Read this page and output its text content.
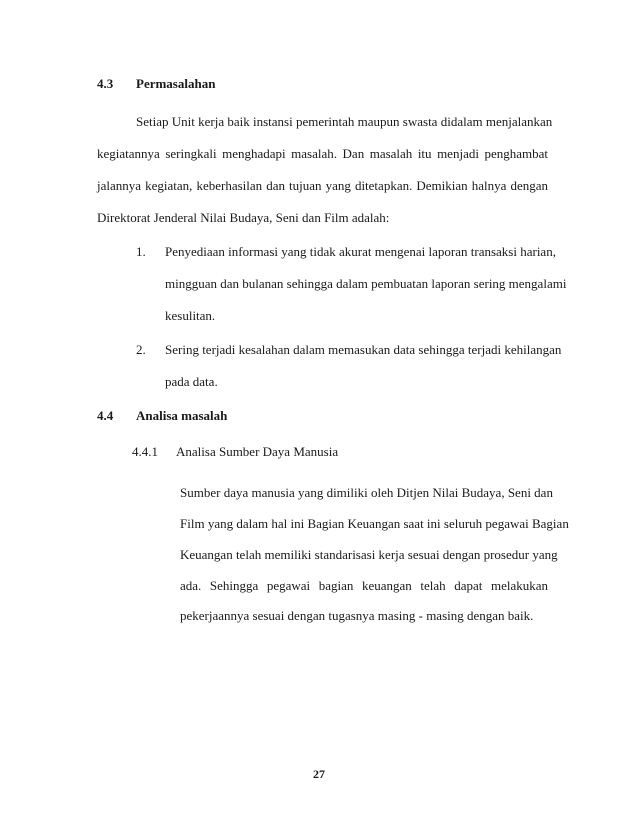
4.3 Permasalahan

Setiap Unit kerja baik instansi pemerintah maupun swasta didalam menjalankan

kegiatannya seringkali menghadapi masalah. Dan masalah itu menjadi penghambat

jalannya kegiatan, keberhasilan dan tujuan yang ditetapkan. Demikian halnya dengan

Direktorat Jenderal Nilai Budaya, Seni dan Film adalah:

1. Penyediaan informasi yang tidak akurat mengenai laporan transaksi harian,

mingguan dan bulanan sehingga dalam pembuatan laporan sering mengalami

kesulitan.

2. Sering terjadi kesalahan dalam memasukan data sehingga terjadi kehilangan

pada data.

4.4 Analisa masalah
4.4.1 Analisa Sumber Daya Manusia

Sumber daya manusia yang dimiliki oleh Ditjen Nilai Budaya, Seni dan

Film yang dalam hal ini Bagian Keuangan saat ini seluruh pegawai Bagian

Keuangan telah memiliki standarisasi kerja sesuai dengan prosedur yang

ada. Sehingga pegawai bagian keuangan telah dapat melakukan

pekerjaannya sesuai dengan tugasnya masing - masing dengan baik.

27
